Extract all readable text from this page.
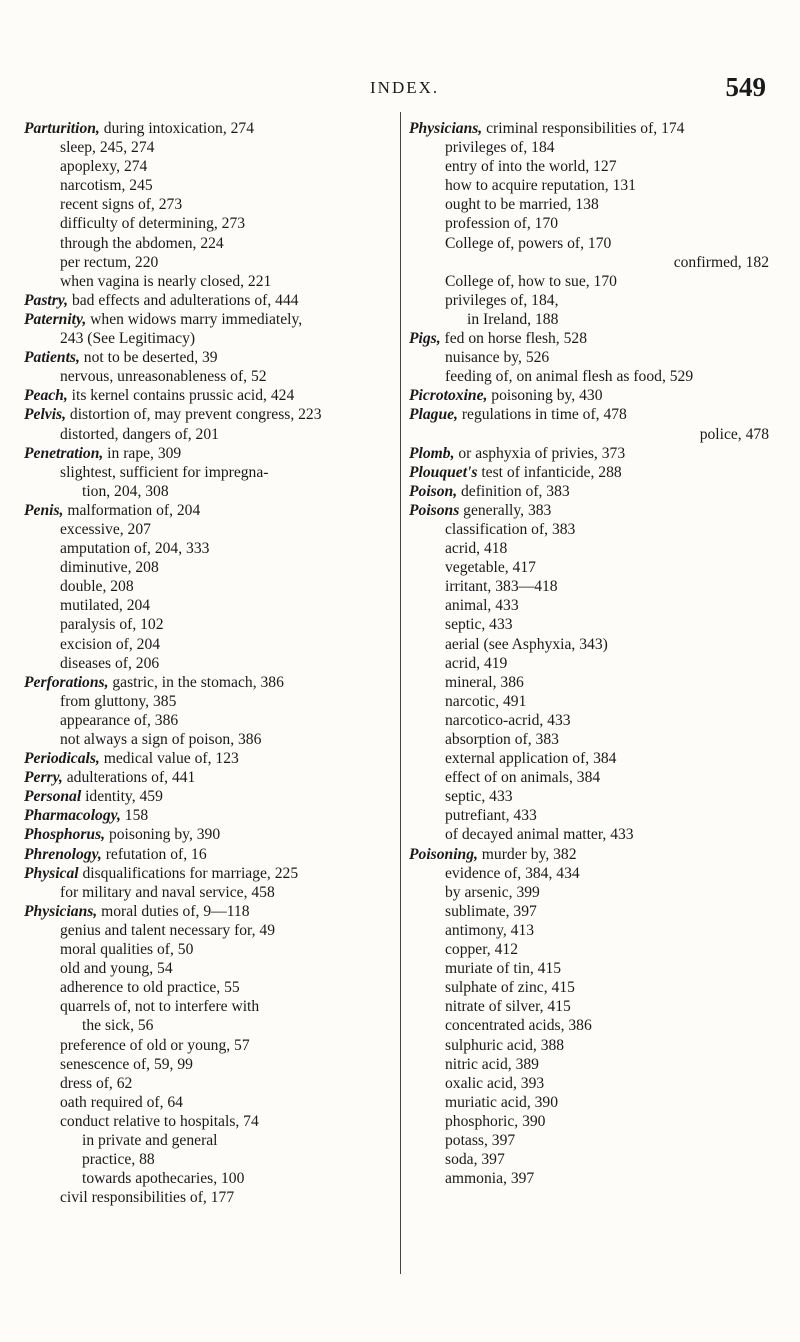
INDEX.	549
Parturition, during intoxication, 274
sleep, 245, 274
apoplexy, 274
narcotism, 245
recent signs of, 273
difficulty of determining, 273
through the abdomen, 224
per rectum, 220
when vagina is nearly closed, 221
Pastry, bad effects and adulterations of, 444
Paternity, when widows marry immediately,
243 (See Legitimacy)
Patients, not to be deserted, 39
nervous, unreasonableness of, 52
Peach, its kernel contains prussic acid, 424
Pelvis, distortion of, may prevent congress, 223
distorted, dangers of, 201
Penetration, in rape, 309
slightest, sufficient for impregna-
tion, 204, 308
Penis, malformation of, 204
excessive, 207
amputation of, 204, 333
diminutive, 208
double, 208
mutilated, 204
paralysis of, 102
excision of, 204
diseases of, 206
Perforations, gastric, in the stomach, 386
from gluttony, 385
appearance of, 386
not always a sign of poison, 386
Periodicals, medical value of, 123
Perry, adulterations of, 441
Personal identity, 459
Pharmacology, 158
Phosphorus, poisoning by, 390
Phrenology, refutation of, 16
Physical disqualifications for marriage, 225
for military and naval service, 458
Physicians, moral duties of, 9—118
genius and talent necessary for, 49
moral qualities of, 50
old and young, 54
adherence to old practice, 55
quarrels of, not to interfere with
the sick, 56
preference of old or young, 57
senescence of, 59, 99
dress of, 62
oath required of, 64
conduct relative to hospitals, 74
in private and general
practice, 88
towards apothecaries, 100
civil responsibilities of, 177
Physicians, criminal responsibilities of, 174
privileges of, 184
entry of into the world, 127
how to acquire reputation, 131
ought to be married, 138
profession of, 170
College of, powers of, 170
confirmed, 182
College of, how to sue, 170
privileges of, 184,
in Ireland, 188
Pigs, fed on horse flesh, 528
nuisance by, 526
feeding of, on animal flesh as food, 529
Picrotoxine, poisoning by, 430
Plague, regulations in time of, 478
police, 478
Plomb, or asphyxia of privies, 373
Plouquet's test of infanticide, 288
Poison, definition of, 383
Poisons generally, 383
classification of, 383
acrid, 418
vegetable, 417
irritant, 383—418
animal, 433
septic, 433
aerial (see Asphyxia, 343)
acrid, 419
mineral, 386
narcotic, 491
narcotico-acrid, 433
absorption of, 383
external application of, 384
effect of on animals, 384
septic, 433
putrefiant, 433
of decayed animal matter, 433
Poisoning, murder by, 382
evidence of, 384, 434
by arsenic, 399
sublimate, 397
antimony, 413
copper, 412
muriate of tin, 415
sulphate of zinc, 415
nitrate of silver, 415
concentrated acids, 386
sulphuric acid, 388
nitric acid, 389
oxalic acid, 393
muriatic acid, 390
phosphoric, 390
potass, 397
soda, 397
ammonia, 397
